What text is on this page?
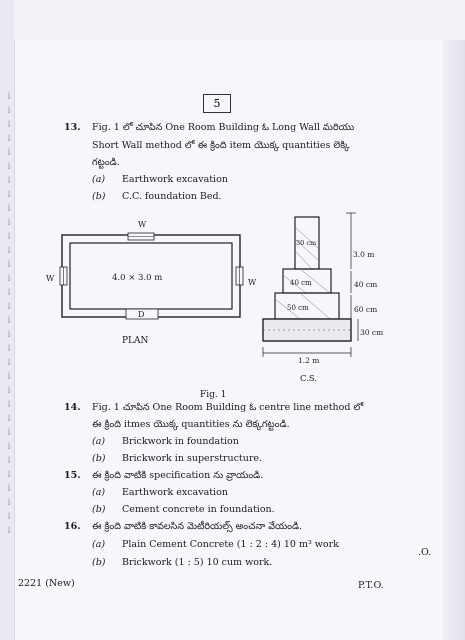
↓
↓
↓
↓
↓
↓
↓
↓
↓
↓
↓
↓
↓
↓
↓
↓
↓
↓
↓
↓
↓
↓
↓
↓
↓
↓
↓
↓
↓
↓
↓
↓
5
13. Fig. 1 లో చూపిన One Room Building ఓ Long Wall మరియు
Short Wall method లో ఈ క్రింది item యొక్క quantities లెక్కి
గట్టండి.
(a) Earthwork excavation
(b) C.C. foundation Bed.
W
W	W
D
4.0 × 3.0 m
PLAN
3.0 m
40 cm
60 cm
30 cm
30 cm
40 cm
50 cm
1.2 m
C.S.
Fig. 1
14. Fig. 1 చూపిన One Room Building ఓ centre line method లో
ఈ క్రింది itmes యొక్క quantities ను లెక్కగట్టండి.
(a) Brickwork in foundation
(b) Brickwork in superstructure.
15. ఈ క్రింది వాటికి specification ను వ్రాయండి.
(a) Earthwork excavation
(b) Cement concrete in foundation.
16. ఈ క్రింది వాటికి కావలసిన మెటీరియల్స్ అంచనా వేయండి.
(a) Plain Cement Concrete (1 : 2 : 4) 10 m³ work
(b) Brickwork (1 : 5) 10 cum work.
.O.
2221 (New)	P.T.O.
